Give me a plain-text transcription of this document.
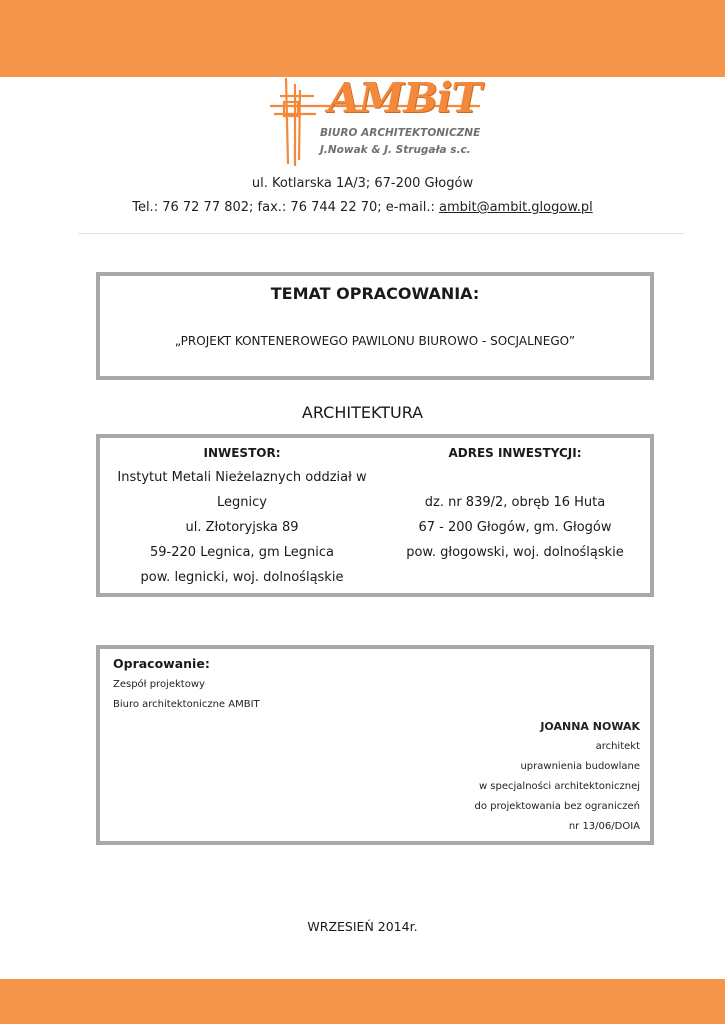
AMBiT
BIURO ARCHITEKTONICZNE
J.Nowak & J. Strugała s.c.
ul. Kotlarska 1A/3; 67-200 Głogów
Tel.: 76 72 77 802; fax.: 76 744 22 70; e-mail.: ambit@ambit.glogow.pl
TEMAT OPRACOWANIA:
„PROJEKT KONTENEROWEGO PAWILONU BIUROWO - SOCJALNEGO”
ARCHITEKTURA
INWESTOR:
Instytut Metali Nieżelaznych oddział w
Legnicy
ul. Złotoryjska 89
59-220 Legnica, gm Legnica
pow. legnicki, woj. dolnośląskie
ADRES INWESTYCJI:
dz. nr 839/2, obręb 16 Huta
67 - 200 Głogów, gm. Głogów
pow. głogowski, woj. dolnośląskie
Opracowanie:
Zespół projektowy
Biuro architektoniczne AMBIT
JOANNA NOWAK
architekt
uprawnienia budowlane
w specjalności architektonicznej
do projektowania bez ograniczeń
nr 13/06/DOIA
WRZESIEŃ 2014r.
